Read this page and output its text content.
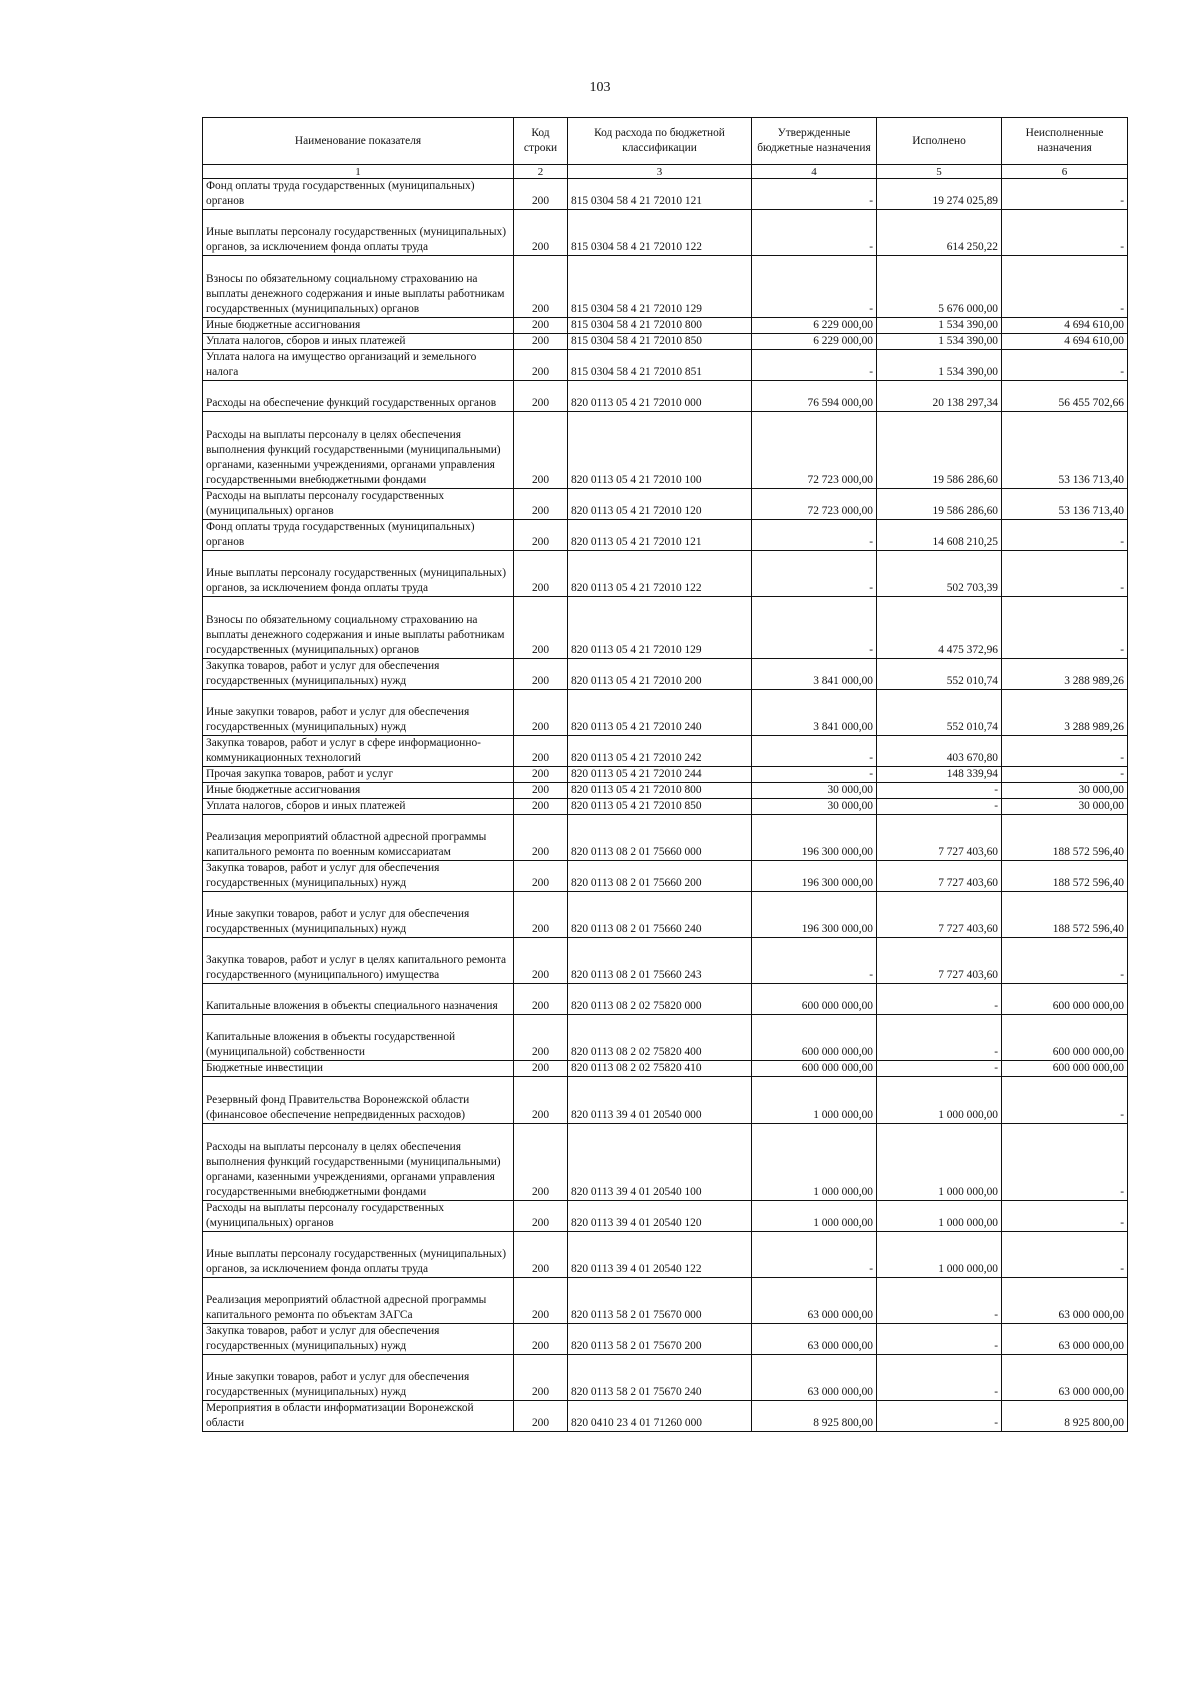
103
Наименование показателя	Код строки	Код расхода по бюджетной классификации	Утвержденные бюджетные назначения	Исполнено	Неисполненные назначения
1	2	3	4	5	6
Фонд оплаты труда государственных (муниципальных) органов	200	815 0304 58 4 21 72010 121	-	19 274 025,89	-
Иные выплаты персоналу государственных (муниципальных) органов, за исключением фонда оплаты труда	200	815 0304 58 4 21 72010 122	-	614 250,22	-
Взносы по обязательному социальному страхованию на выплаты денежного содержания и иные выплаты работникам государственных (муниципальных) органов	200	815 0304 58 4 21 72010 129	-	5 676 000,00	-
Иные бюджетные ассигнования	200	815 0304 58 4 21 72010 800	6 229 000,00	1 534 390,00	4 694 610,00
Уплата налогов, сборов и иных платежей	200	815 0304 58 4 21 72010 850	6 229 000,00	1 534 390,00	4 694 610,00
Уплата налога на имущество организаций и земельного налога	200	815 0304 58 4 21 72010 851	-	1 534 390,00	-
Расходы на обеспечение функций государственных органов	200	820 0113 05 4 21 72010 000	76 594 000,00	20 138 297,34	56 455 702,66
Расходы на выплаты персоналу в целях обеспечения выполнения функций государственными (муниципальными) органами, казенными учреждениями, органами управления государственными внебюджетными фондами	200	820 0113 05 4 21 72010 100	72 723 000,00	19 586 286,60	53 136 713,40
Расходы на выплаты персоналу государственных (муниципальных) органов	200	820 0113 05 4 21 72010 120	72 723 000,00	19 586 286,60	53 136 713,40
Фонд оплаты труда государственных (муниципальных) органов	200	820 0113 05 4 21 72010 121	-	14 608 210,25	-
Иные выплаты персоналу государственных (муниципальных) органов, за исключением фонда оплаты труда	200	820 0113 05 4 21 72010 122	-	502 703,39	-
Взносы по обязательному социальному страхованию на выплаты денежного содержания и иные выплаты работникам государственных (муниципальных) органов	200	820 0113 05 4 21 72010 129	-	4 475 372,96	-
Закупка товаров, работ и услуг для обеспечения государственных (муниципальных) нужд	200	820 0113 05 4 21 72010 200	3 841 000,00	552 010,74	3 288 989,26
Иные закупки товаров, работ и услуг для обеспечения государственных (муниципальных) нужд	200	820 0113 05 4 21 72010 240	3 841 000,00	552 010,74	3 288 989,26
Закупка товаров, работ и услуг в сфере информационно-коммуникационных технологий	200	820 0113 05 4 21 72010 242	-	403 670,80	-
Прочая закупка товаров, работ и услуг	200	820 0113 05 4 21 72010 244	-	148 339,94	-
Иные бюджетные ассигнования	200	820 0113 05 4 21 72010 800	30 000,00	-	30 000,00
Уплата налогов, сборов и иных платежей	200	820 0113 05 4 21 72010 850	30 000,00	-	30 000,00
Реализация мероприятий областной адресной программы капитального ремонта по военным комиссариатам	200	820 0113 08 2 01 75660 000	196 300 000,00	7 727 403,60	188 572 596,40
Закупка товаров, работ и услуг для обеспечения государственных (муниципальных) нужд	200	820 0113 08 2 01 75660 200	196 300 000,00	7 727 403,60	188 572 596,40
Иные закупки товаров, работ и услуг для обеспечения государственных (муниципальных) нужд	200	820 0113 08 2 01 75660 240	196 300 000,00	7 727 403,60	188 572 596,40
Закупка товаров, работ и услуг в целях капитального ремонта государственного (муниципального) имущества	200	820 0113 08 2 01 75660 243	-	7 727 403,60	-
Капитальные вложения в объекты специального назначения	200	820 0113 08 2 02 75820 000	600 000 000,00	-	600 000 000,00
Капитальные вложения в объекты государственной (муниципальной) собственности	200	820 0113 08 2 02 75820 400	600 000 000,00	-	600 000 000,00
Бюджетные инвестиции	200	820 0113 08 2 02 75820 410	600 000 000,00	-	600 000 000,00
Резервный фонд Правительства Воронежской области (финансовое обеспечение непредвиденных расходов)	200	820 0113 39 4 01 20540 000	1 000 000,00	1 000 000,00	-
Расходы на выплаты персоналу в целях обеспечения выполнения функций государственными (муниципальными) органами, казенными учреждениями, органами управления государственными внебюджетными фондами	200	820 0113 39 4 01 20540 100	1 000 000,00	1 000 000,00	-
Расходы на выплаты персоналу государственных (муниципальных) органов	200	820 0113 39 4 01 20540 120	1 000 000,00	1 000 000,00	-
Иные выплаты персоналу государственных (муниципальных) органов, за исключением фонда оплаты труда	200	820 0113 39 4 01 20540 122	-	1 000 000,00	-
Реализация мероприятий областной адресной программы капитального ремонта по объектам ЗАГСа	200	820 0113 58 2 01 75670 000	63 000 000,00	-	63 000 000,00
Закупка товаров, работ и услуг для обеспечения государственных (муниципальных) нужд	200	820 0113 58 2 01 75670 200	63 000 000,00	-	63 000 000,00
Иные закупки товаров, работ и услуг для обеспечения государственных (муниципальных) нужд	200	820 0113 58 2 01 75670 240	63 000 000,00	-	63 000 000,00
Мероприятия в области информатизации Воронежской области	200	820 0410 23 4 01 71260 000	8 925 800,00	-	8 925 800,00
